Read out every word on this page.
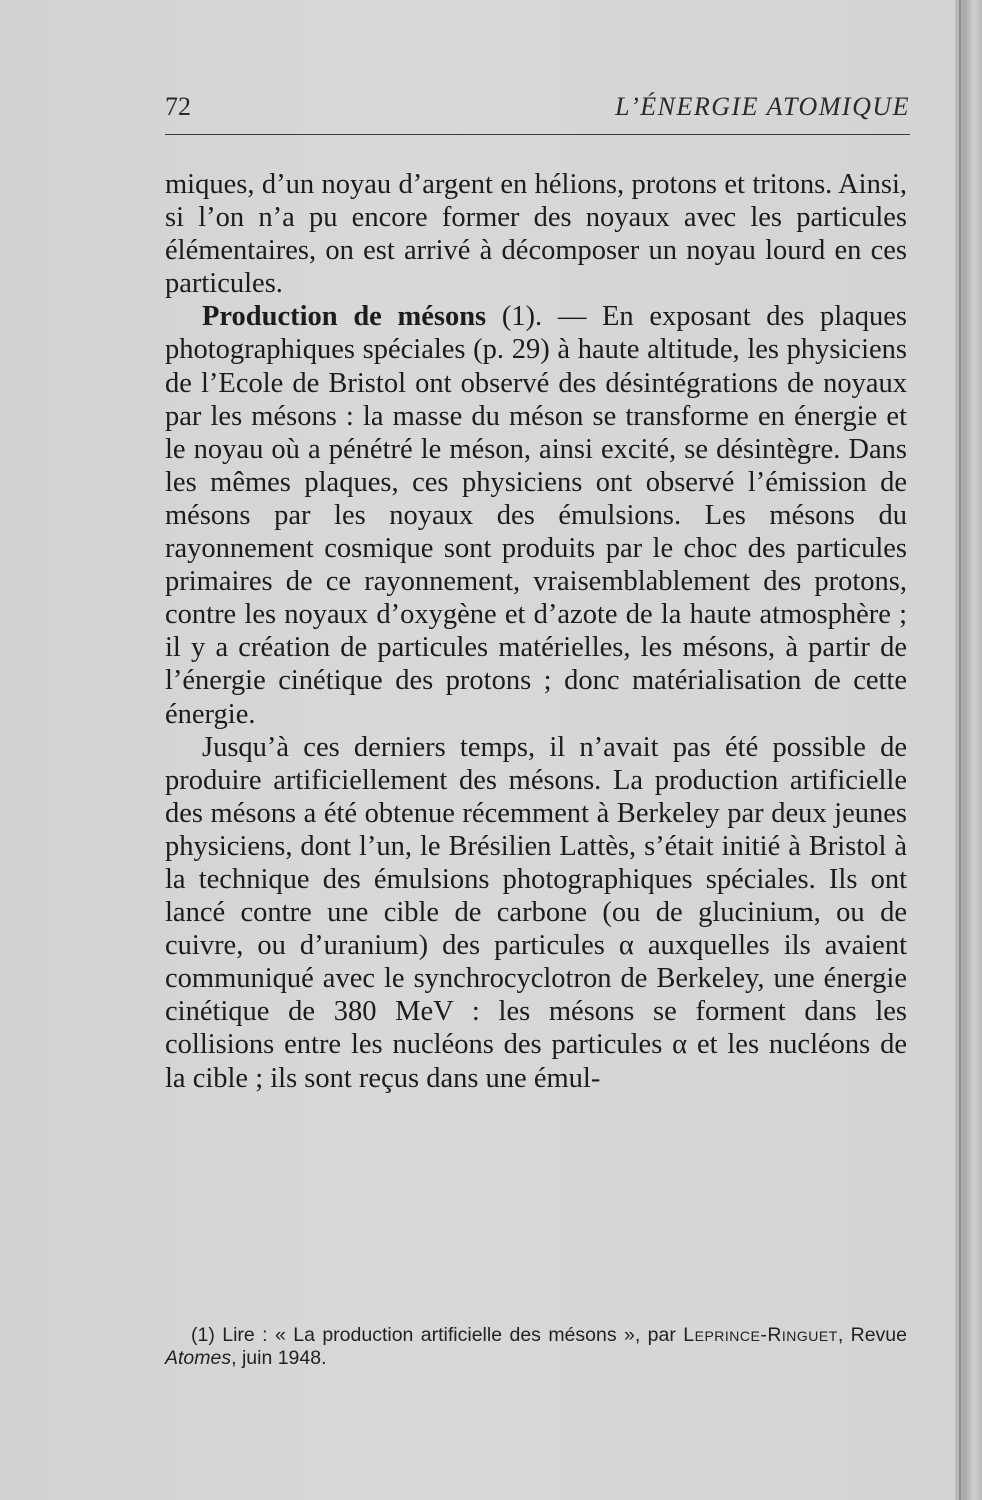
72	L’ÉNERGIE ATOMIQUE

miques, d’un noyau d’argent en hélions, protons et tritons. Ainsi, si l’on n’a pu encore former des noyaux avec les particules élémentaires, on est arrivé à décomposer un noyau lourd en ces particules.

Production de mésons (1). — En exposant des plaques photographiques spéciales (p. 29) à haute altitude, les physiciens de l’Ecole de Bristol ont observé des désintégrations de noyaux par les mésons : la masse du méson se transforme en énergie et le noyau où a pénétré le méson, ainsi excité, se désintègre. Dans les mêmes plaques, ces physiciens ont observé l’émission de mésons par les noyaux des émulsions. Les mésons du rayonnement cosmique sont produits par le choc des particules primaires de ce rayonnement, vraisemblablement des protons, contre les noyaux d’oxygène et d’azote de la haute atmosphère ; il y a création de particules matérielles, les mésons, à partir de l’énergie cinétique des protons ; donc matérialisation de cette énergie.

Jusqu’à ces derniers temps, il n’avait pas été possible de produire artificiellement des mésons. La production artificielle des mésons a été obtenue récemment à Berkeley par deux jeunes physiciens, dont l’un, le Brésilien Lattès, s’était initié à Bristol à la technique des émulsions photographiques spéciales. Ils ont lancé contre une cible de carbone (ou de glucinium, ou de cuivre, ou d’uranium) des particules α auxquelles ils avaient communiqué avec le synchrocyclotron de Berkeley, une énergie cinétique de 380 MeV : les mésons se forment dans les collisions entre les nucléons des particules α et les nucléons de la cible ; ils sont reçus dans une émul-

(1) Lire : « La production artificielle des mésons », par Leprince-Ringuet, Revue Atomes, juin 1948.
